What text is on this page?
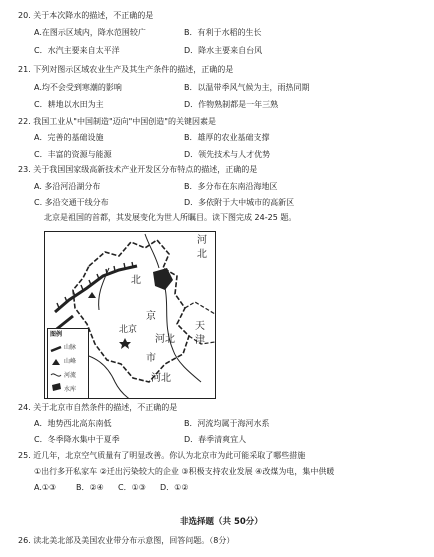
20. 关于本次降水的描述，不正确的是
A.在图示区域内，降水范围较广	B．有利于水稻的生长
C．水汽主要来自太平洋	D．降水主要来自台风
21. 下列对图示区域农业生产及其生产条件的描述，正确的是
A.均不会受到寒潮的影响	B．以温带季风气候为主，雨热同期
C．耕地以水田为主	D．作物熟制都是一年三熟
22. 我国工业从"中国制造"迈向"中国创造"的关键因素是
A．完善的基础设施	B．雄厚的农业基础支撑
C．丰富的资源与能源	D．领先技术与人才优势
23. 关于我国国家级高新技术产业开发区分布特点的描述，正确的是
A. 多沿河沿湖分布	B．多分布在东南沿海地区
C. 多沿交通干线分布	D．多依附于大中城市的高新区
北京是祖国的首都，其发展变化为世人所瞩目。读下图完成 24-25 题。
河
北
北
京
北京	天
津
河北
市
河北
图例
山脉
山峰
河流
水库
24. 关于北京市自然条件的描述，不正确的是
A．地势西北高东南低	B．河流均属于海河水系
C．冬季降水集中于夏季	D．春季清爽宜人
25. 近几年，北京空气质量有了明显改善。你认为北京市为此可能采取了哪些措施
①出行多开私家车 ②迁出污染较大的企业 ③积极支持农业发展 ④改煤为电，集中供暖
A.①③ B．②④ C．①③ D．①②
非选择题（共 50分）
26. 读北美北部及美国农业带分布示意图，回答问题。（8分）
